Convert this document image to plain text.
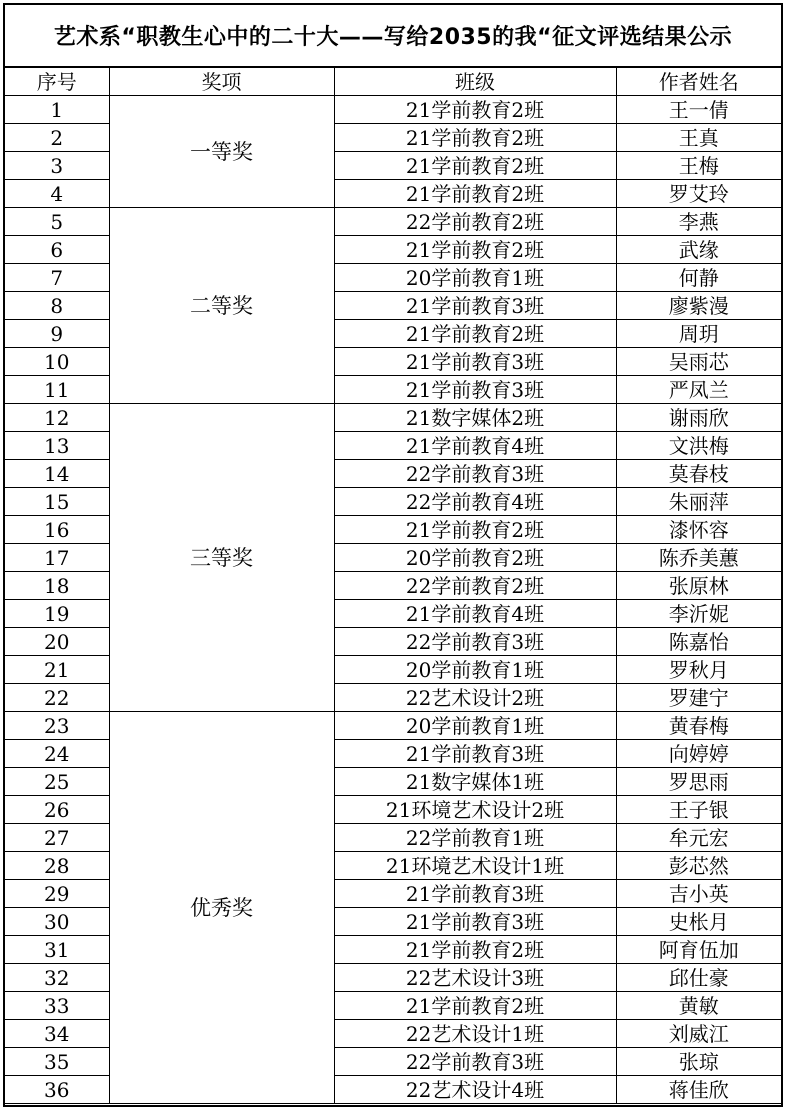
艺术系“职教生心中的二十大——写给2035的我“征文评选结果公示
序号	奖项	班级	作者姓名
1	一等奖	21学前教育2班	王一倩
2		21学前教育2班	王真
3		21学前教育2班	王梅
4		21学前教育2班	罗艾玲
5	二等奖	22学前教育2班	李燕
6		21学前教育2班	武缘
7		20学前教育1班	何静
8		21学前教育3班	廖紫漫
9		21学前教育2班	周玥
10		21学前教育3班	吴雨芯
11		21学前教育3班	严凤兰
12	三等奖	21数字媒体2班	谢雨欣
13		21学前教育4班	文洪梅
14		22学前教育3班	莫春枝
15		22学前教育4班	朱丽萍
16		21学前教育2班	漆怀容
17		20学前教育2班	陈乔美蕙
18		22学前教育2班	张原林
19		21学前教育4班	李沂妮
20		22学前教育3班	陈嘉怡
21		20学前教育1班	罗秋月
22		22艺术设计2班	罗建宁
23	优秀奖	20学前教育1班	黄春梅
24		21学前教育3班	向婷婷
25		21数字媒体1班	罗思雨
26		21环境艺术设计2班	王子银
27		22学前教育1班	牟元宏
28		21环境艺术设计1班	彭芯然
29		21学前教育3班	吉小英
30		21学前教育3班	史枨月
31		21学前教育2班	阿育伍加
32		22艺术设计3班	邱仕豪
33		21学前教育2班	黄敏
34		22艺术设计1班	刘威江
35		22学前教育3班	张琼
36		22艺术设计4班	蒋佳欣
